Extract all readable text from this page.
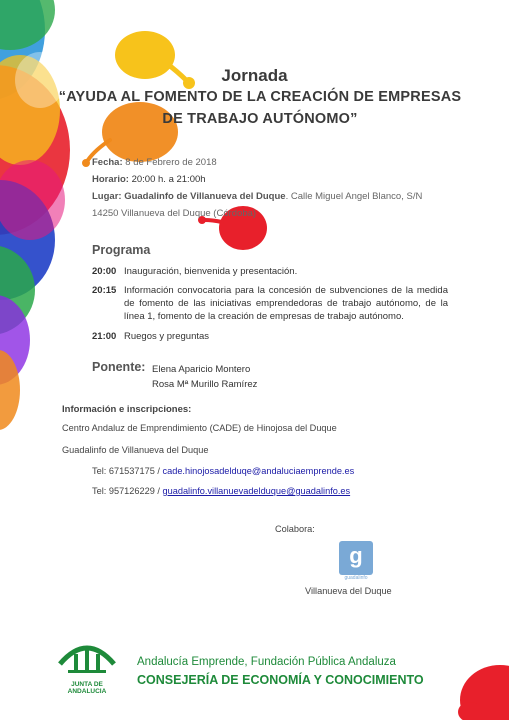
Jornada
“AYUDA AL FOMENTO DE LA CREACIÓN DE EMPRESAS
DE TRABAJO AUTÓNOMO”
Fecha: 8 de Febrero de 2018
Horario: 20:00 h. a 21:00h
Lugar: Guadalinfo de Villanueva del Duque. Calle Miguel Angel Blanco, S/N
14250 Villanueva del Duque (Córdoba)
Programa
20:00 Inauguración, bienvenida y presentación.
20:15 Información convocatoria para la concesión de subvenciones de la medida de fomento de las iniciativas emprendedoras de trabajo autónomo, de la línea 1, fomento de la creación de empresas de trabajo autónomo.
21:00 Ruegos y preguntas
Ponente: Elena Aparicio Montero
Rosa Mª Murillo Ramírez
Información e inscripciones:
Centro Andaluz de Emprendimiento (CADE) de Hinojosa del Duque
Guadalinfo de Villanueva del Duque
Tel: 671537175 / cade.hinojosadelduqe@andaluciaemprende.es
Tel: 957126229 / guadalinfo.villanuevadelduque@guadalinfo.es
Colabora:
g
guadalinfo
Villanueva del Duque
JUNTA DE ANDALUCIA
Andalucía Emprende, Fundación Pública Andaluza
CONSEJERÍA DE ECONOMÍA Y CONOCIMIENTO
